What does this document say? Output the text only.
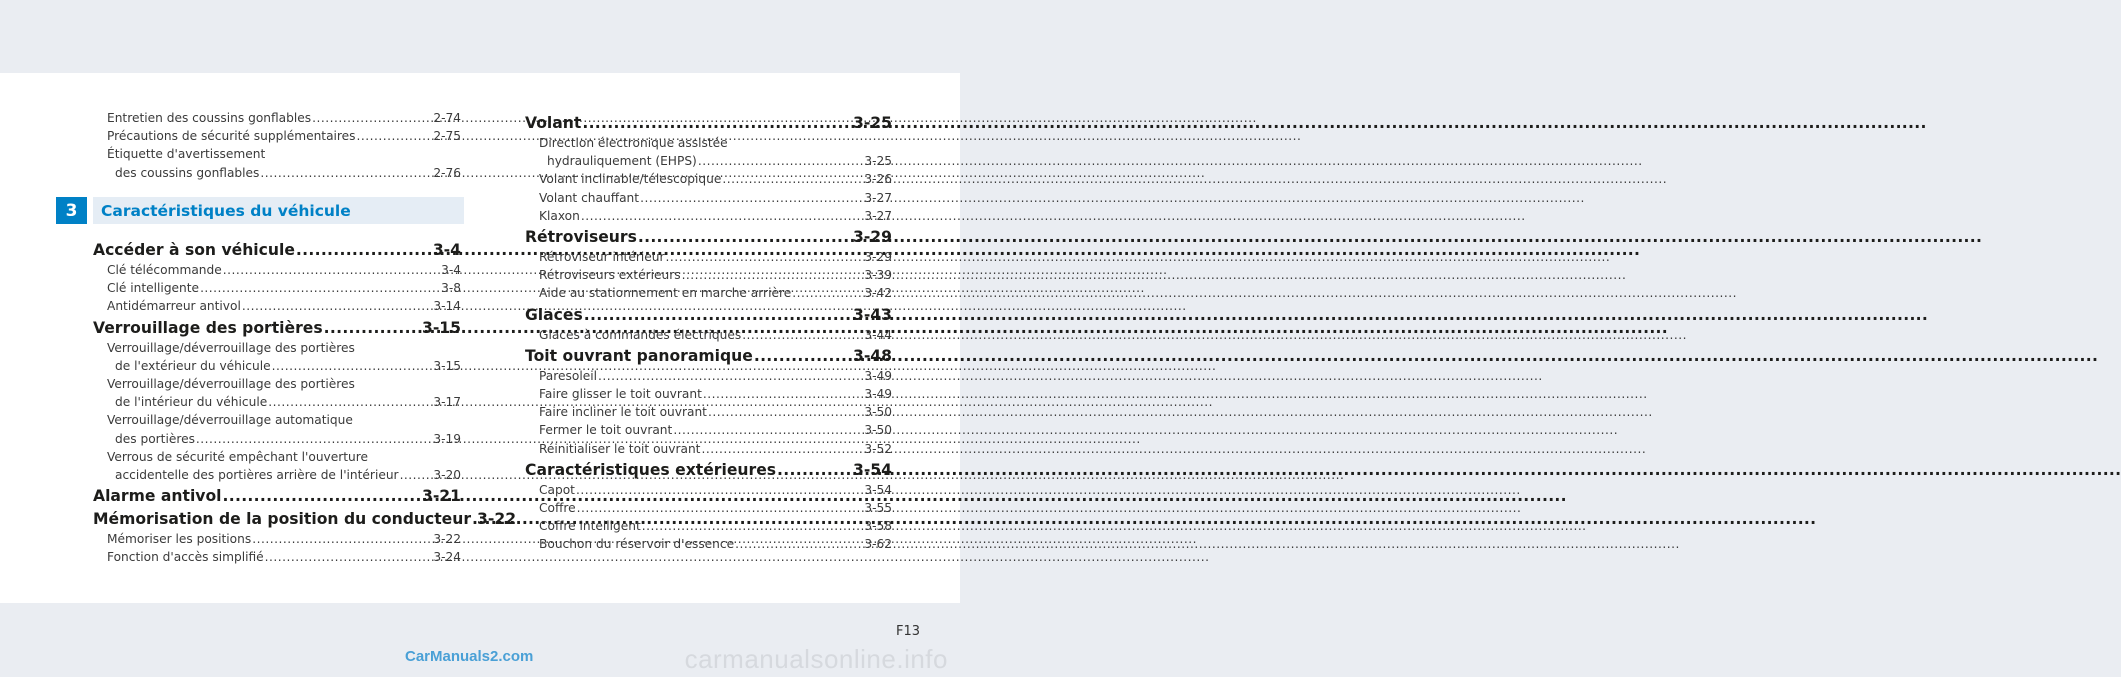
Entretien des coussins gonflables .....	2-74
Précautions de sécurité supplémentaires .....	2-75
Étiquette d'avertissement
des coussins gonflables .....	2-76
3	Caractéristiques du véhicule
Accéder à son véhicule .....	3-4
Clé télécommande .....	3-4
Clé intelligente .....	3-8
Antidémarreur antivol .....	3-14
Verrouillage des portières .....	3-15
Verrouillage/déverrouillage des portières
de l'extérieur du véhicule .....	3-15
Verrouillage/déverrouillage des portières
de l'intérieur du véhicule .....	3-17
Verrouillage/déverrouillage automatique
des portières .....	3-19
Verrous de sécurité empêchant l'ouverture
accidentelle des portières arrière de l'intérieur .....	3-20
Alarme antivol .....	3-21
Mémorisation de la position du conducteur ..... 3-22
Mémoriser les positions .....	3-22
Fonction d'accès simplifié .....	3-24
Volant .....	3-25
Direction électronique assistée
hydrauliquement (EHPS) .....	3-25
Volant inclinable/télescopique .....	3-26
Volant chauffant .....	3-27
Klaxon .....	3-27
Rétroviseurs .....	3-29
Rétroviseur intérieur .....	3-29
Rétroviseurs extérieurs .....	3-39
Aide au stationnement en marche arrière .....	3-42
Glaces .....	3-43
Glaces à commandes électriques .....	3-44
Toit ouvrant panoramique .....	3-48
Paresoleil .....	3-49
Faire glisser le toit ouvrant .....	3-49
Faire incliner le toit ouvrant .....	3-50
Fermer le toit ouvrant .....	3-50
Réinitialiser le toit ouvrant .....	3-52
Caractéristiques extérieures .....	3-54
Capot .....	3-54
Coffre .....	3-55
Coffre intelligent .....	3-58
Bouchon du réservoir d'essence .....	3-62
CarManuals2.com
F13
carmanualsonline.info
